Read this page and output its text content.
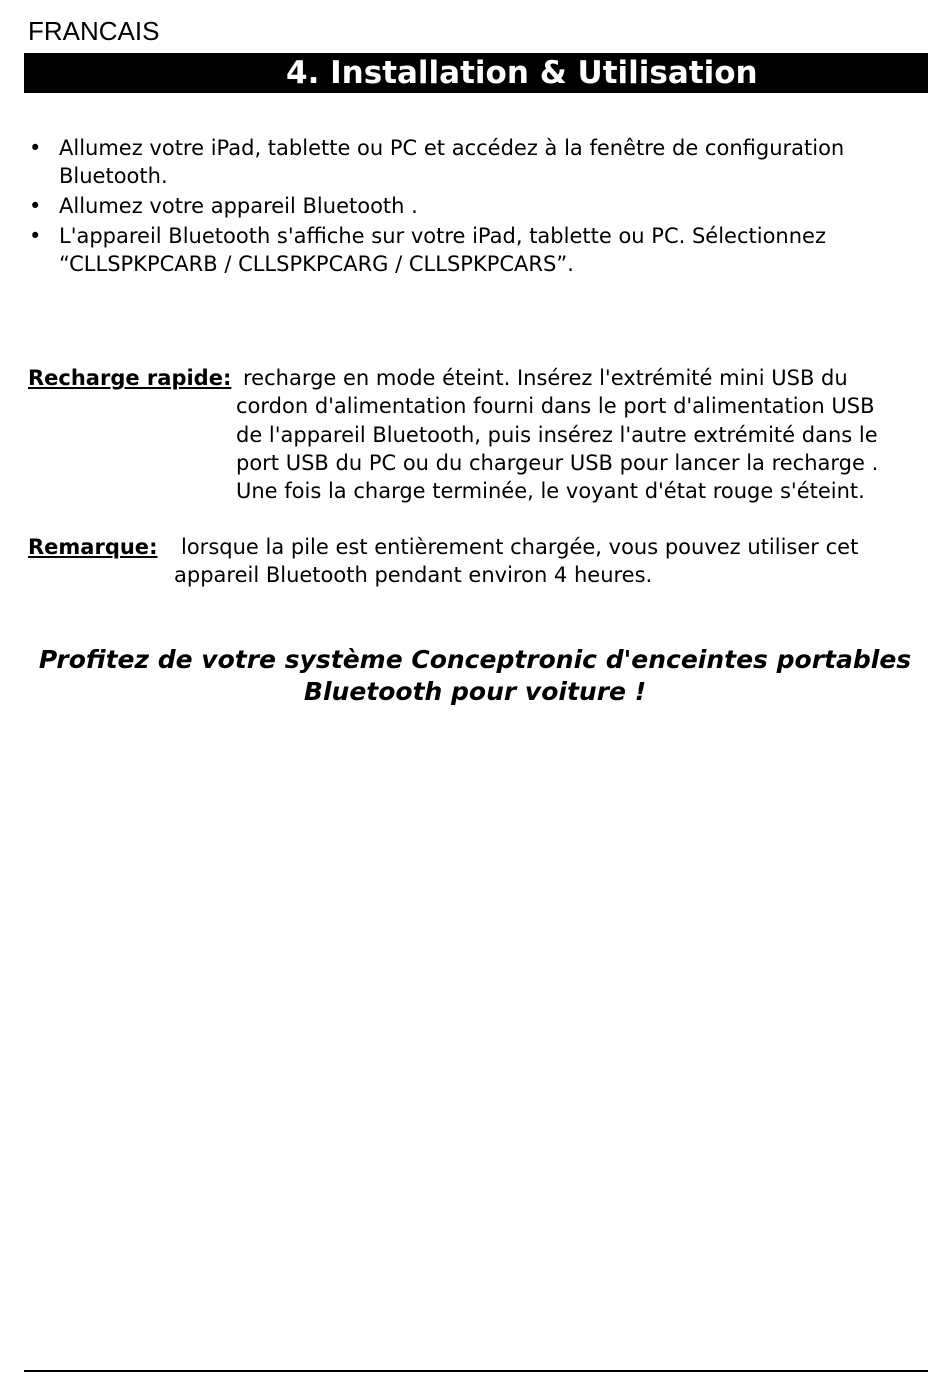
FRANCAIS
4. Installation & Utilisation
• Allumez votre iPad, tablette ou PC et accédez à la fenêtre de configuration Bluetooth.
• Allumez votre appareil Bluetooth .
• L'appareil Bluetooth s'affiche sur votre iPad, tablette ou PC. Sélectionnez “CLLSPKPCARB / CLLSPKPCARG / CLLSPKPCARS”.
Recharge rapide: recharge en mode éteint. Insérez l'extrémité mini USB du
cordon d'alimentation fourni dans le port d'alimentation USB
de l'appareil Bluetooth, puis insérez l'autre extrémité dans le
port USB du PC ou du chargeur USB pour lancer la recharge .
Une fois la charge terminée, le voyant d'état rouge s'éteint.
Remarque:	lorsque la pile est entièrement chargée, vous pouvez utiliser cet
appareil Bluetooth pendant environ 4 heures.
Profitez de votre système Conceptronic d'enceintes portables
Bluetooth pour voiture !
